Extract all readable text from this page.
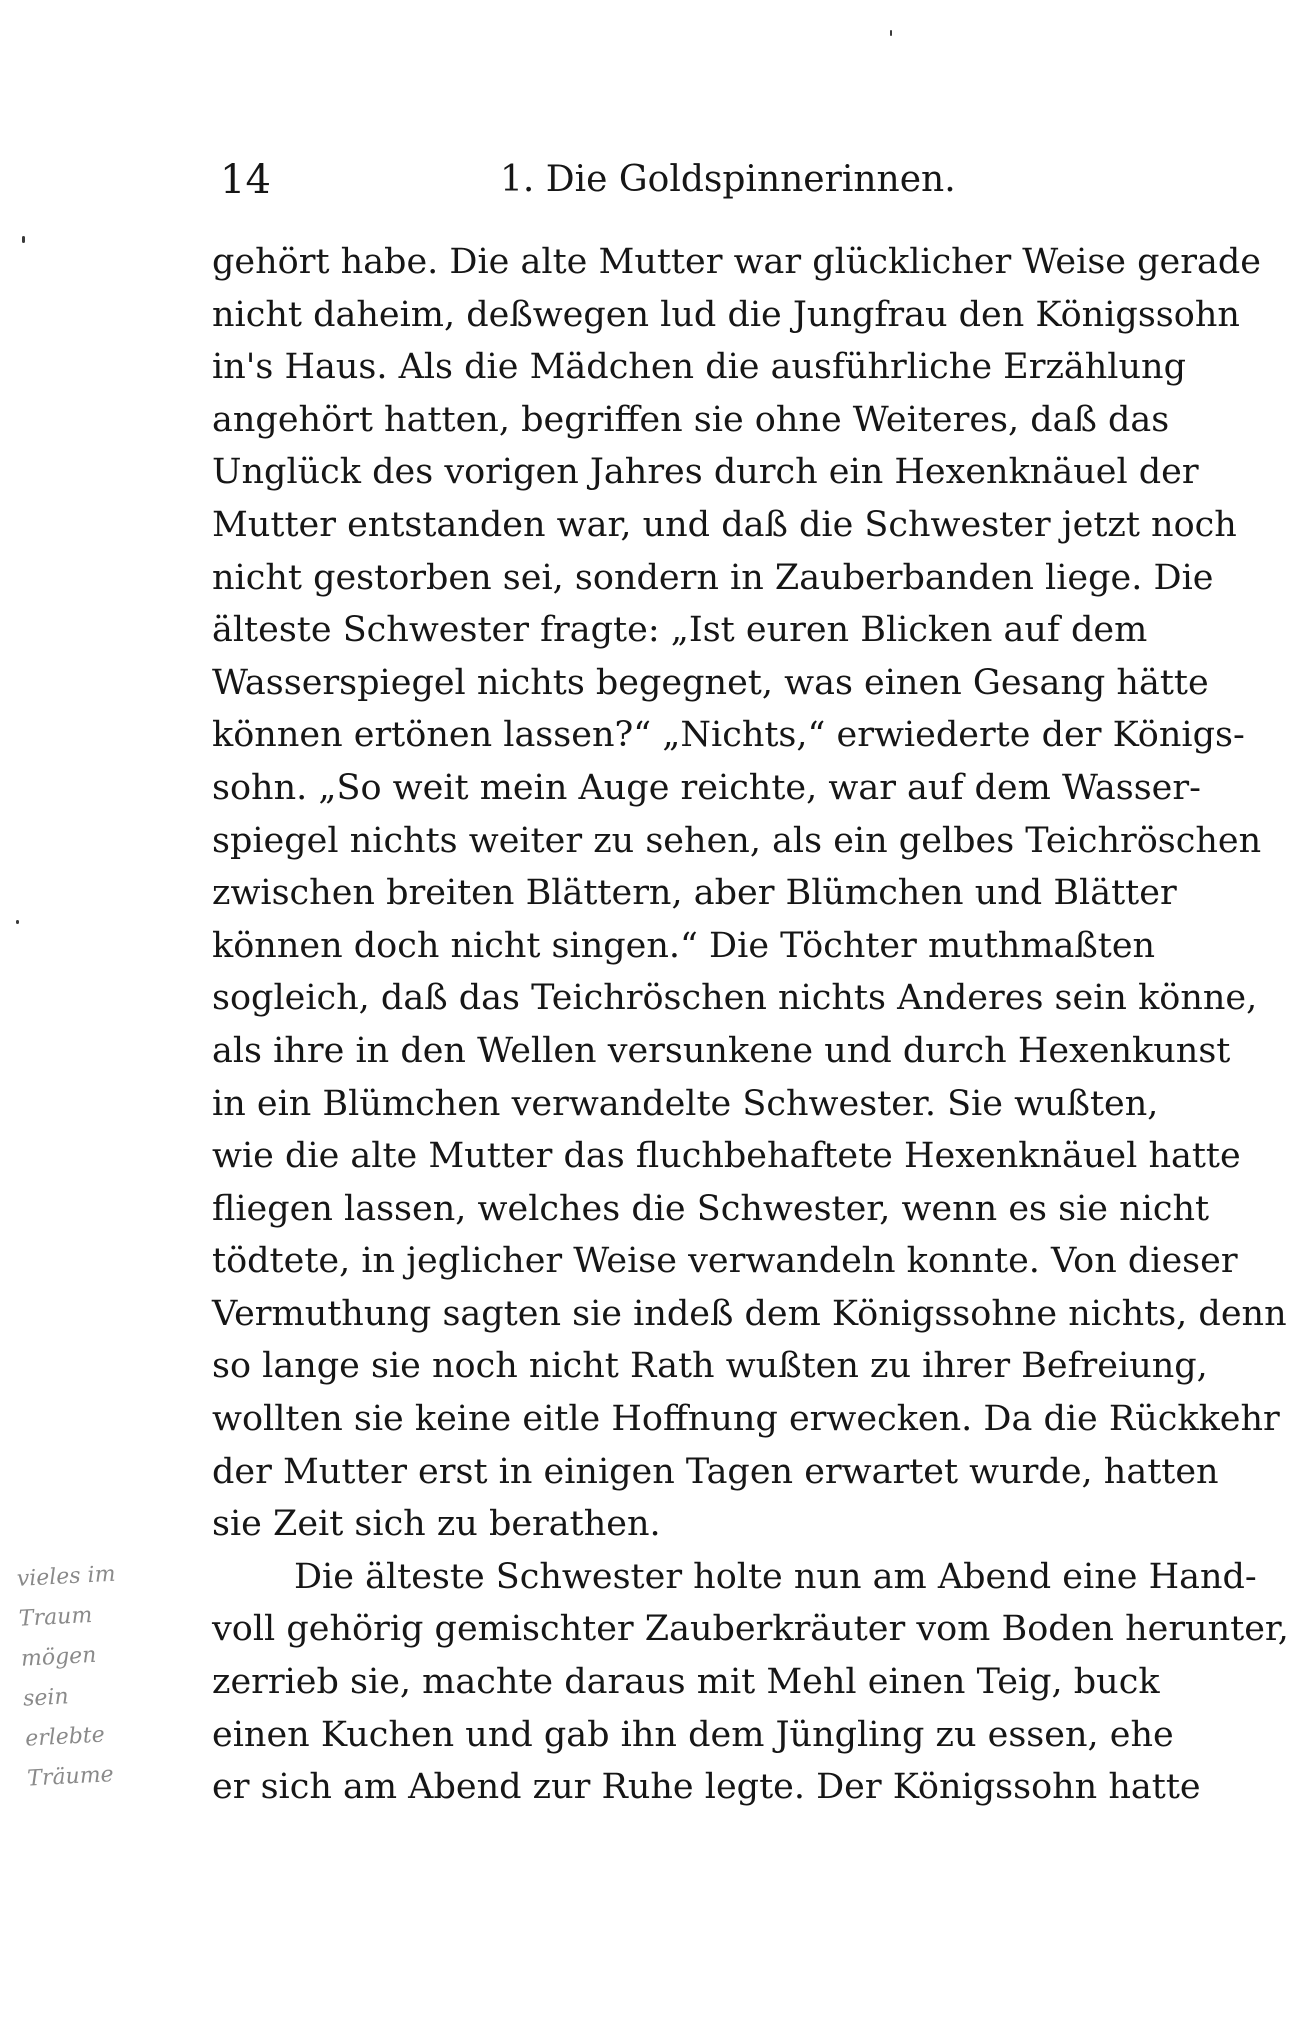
14	1. Die Goldspinnerinnen.
gehört habe. Die alte Mutter war glücklicher Weise gerade
nicht daheim, deßwegen lud die Jungfrau den Königssohn
in's Haus. Als die Mädchen die ausführliche Erzählung
angehört hatten, begriffen sie ohne Weiteres, daß das
Unglück des vorigen Jahres durch ein Hexenknäuel der
Mutter entstanden war, und daß die Schwester jetzt noch
nicht gestorben sei, sondern in Zauberbanden liege. Die
älteste Schwester fragte: „Ist euren Blicken auf dem
Wasserspiegel nichts begegnet, was einen Gesang hätte
können ertönen lassen?“ „Nichts,“ erwiederte der Königs-
sohn. „So weit mein Auge reichte, war auf dem Wasser-
spiegel nichts weiter zu sehen, als ein gelbes Teichröschen
zwischen breiten Blättern, aber Blümchen und Blätter
können doch nicht singen.“ Die Töchter muthmaßten
sogleich, daß das Teichröschen nichts Anderes sein könne,
als ihre in den Wellen versunkene und durch Hexenkunst
in ein Blümchen verwandelte Schwester. Sie wußten,
wie die alte Mutter das fluchbehaftete Hexenknäuel hatte
fliegen lassen, welches die Schwester, wenn es sie nicht
tödtete, in jeglicher Weise verwandeln konnte. Von dieser
Vermuthung sagten sie indeß dem Königssohne nichts, denn
so lange sie noch nicht Rath wußten zu ihrer Befreiung,
wollten sie keine eitle Hoffnung erwecken. Da die Rückkehr
der Mutter erst in einigen Tagen erwartet wurde, hatten
sie Zeit sich zu berathen.
Die älteste Schwester holte nun am Abend eine Hand-
voll gehörig gemischter Zauberkräuter vom Boden herunter,
zerrieb sie, machte daraus mit Mehl einen Teig, buck
einen Kuchen und gab ihn dem Jüngling zu essen, ehe
er sich am Abend zur Ruhe legte. Der Königssohn hatte
vieles im
Traum
mögen
sein
erlebte
Träume
